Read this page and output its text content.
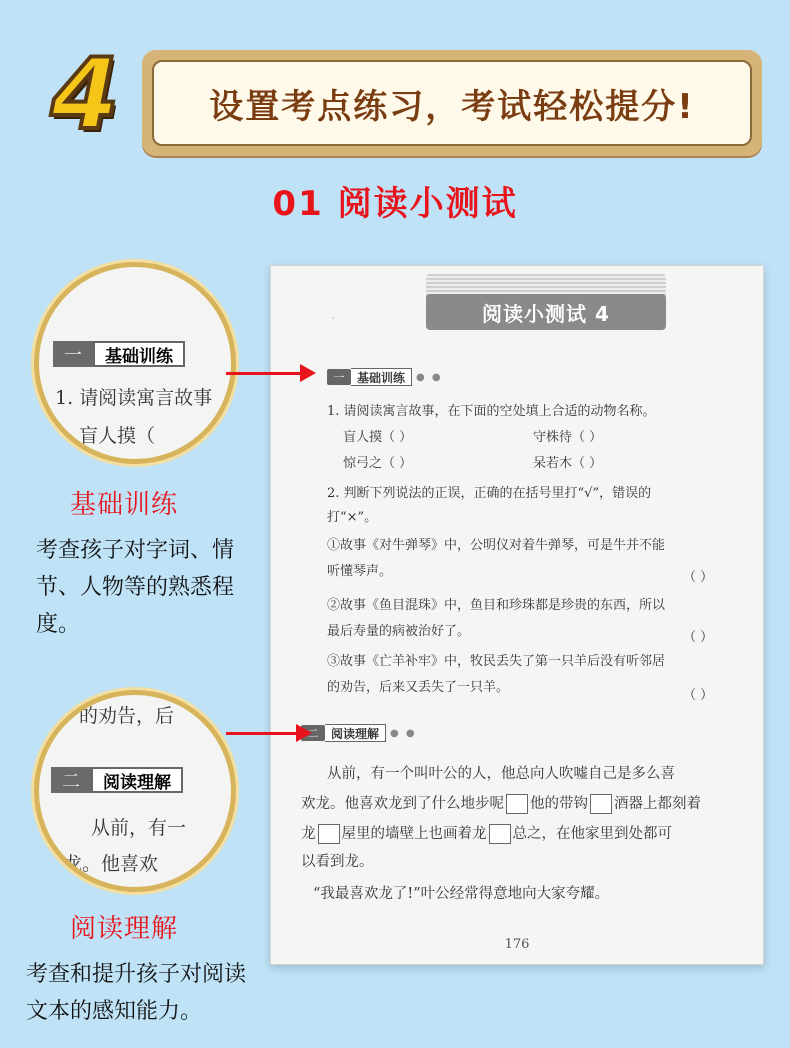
4	设置考点练习，考试轻松提分!
01 阅读小测试
·	阅读小测试 4
一	基础训练	● ●
1. 请阅读寓言故事，在下面的空处填上合适的动物名称。
盲人摸（ ）	守株待（ ）
惊弓之（ ）	呆若木（ ）
2. 判断下列说法的正误，正确的在括号里打“√”，错误的
打“×”。
①故事《对牛弹琴》中，公明仪对着牛弹琴，可是牛并不能
听懂琴声。	（ ）
②故事《鱼目混珠》中，鱼目和珍珠都是珍贵的东西，所以
最后寿量的病被治好了。	（ ）
③故事《亡羊补牢》中，牧民丢失了第一只羊后没有听邻居
的劝告，后来又丢失了一只羊。
（ ）
二	阅读理解	● ●
从前，有一个叫叶公的人，他总向人吹嘘自己是多么喜
欢龙。他喜欢龙到了什么地步呢 他的带钩 酒器上都刻着
龙 屋里的墙壁上也画着龙 总之，在他家里到处都可
以看到龙。
“我最喜欢龙了!”叶公经常得意地向大家夸耀。
176
一	基础训练
1. 请阅读寓言故事
盲人摸（
的劝告，后
二	阅读理解
从前，有一
龙。他喜欢
基础训练
考查孩子对字词、情节、人物等的熟悉程度。
阅读理解
考查和提升孩子对阅读文本的感知能力。
